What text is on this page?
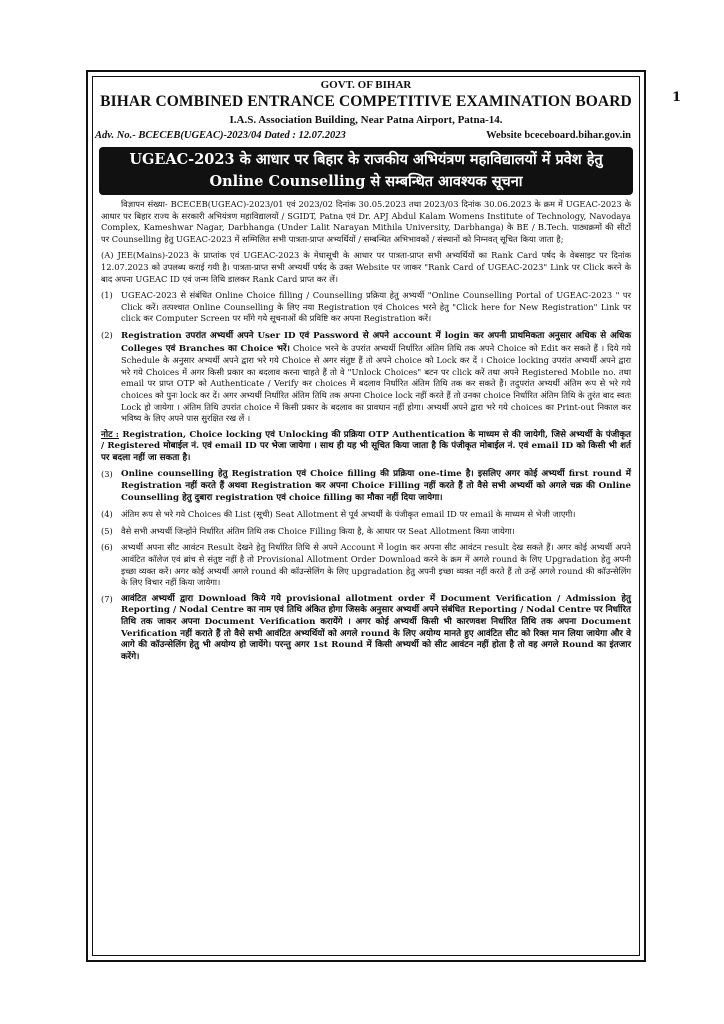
1
GOVT. OF BIHAR
BIHAR COMBINED ENTRANCE COMPETITIVE EXAMINATION BOARD
I.A.S. Association Building, Near Patna Airport, Patna-14.
Adv. No.- BCECEB(UGEAC)-2023/04 Dated : 12.07.2023	Website bceceboard.bihar.gov.in
UGEAC-2023 के आधार पर बिहार के राजकीय अभियंत्रण महाविद्यालयों में प्रवेश हेतु
Online Counselling से सम्बन्धित आवश्यक सूचना

विज्ञापन संख्या- BCECEB(UGEAC)-2023/01 एवं 2023/02 दिनांक 30.05.2023 तथा 2023/03 दिनांक 30.06.2023 के क्रम में UGEAC-2023 के आधार पर बिहार राज्य के सरकारी अभियंत्रण महाविद्यालयों / SGIDT, Patna एवं Dr. APJ Abdul Kalam Womens Institute of Technology, Navodaya Complex, Kameshwar Nagar, Darbhanga (Under Lalit Narayan Mithila University, Darbhanga) के BE / B.Tech. पाठ्यक्रमों की सीटों पर Counselling हेतु UGEAC-2023 में सम्मिलित सभी पात्रता-प्राप्त अभ्यर्थियों / सम्बन्धित अभिभावकों / संस्थानों को निम्नवत् सूचित किया जाता है;

(A) JEE(Mains)-2023 के प्राप्तांक एवं UGEAC-2023 के मेधासूची के आधार पर पात्रता-प्राप्त सभी अभ्यर्थियों का Rank Card पर्षद के वेबसाइट पर दिनांक 12.07.2023 को उपलब्ध कराई गयी है। पात्रता-प्राप्त सभी अभ्यर्थी पर्षद के उक्त Website पर जाकर "Rank Card of UGEAC-2023" Link पर Click करने के बाद अपना UGEAC ID एवं जन्म तिथि डालकर Rank Card प्राप्त कर लें।

(1) UGEAC-2023 से संबंधित Online Choice filling / Counselling प्रक्रिया हेतु अभ्यर्थी "Online Counselling Portal of UGEAC-2023 " पर Click करें। तत्पश्चात Online Counselling के लिए नया Registration एवं Choices भरने हेतु "Click here for New Registration" Link पर click कर Computer Screen पर माँगे गये सूचनाओं की प्रविष्टि कर अपना Registration करें।
(2) Registration उपरांत अभ्यर्थी अपने User ID एवं Password से अपने account में login कर अपनी प्राथमिकता अनुसार अधिक से अधिक Colleges एवं Branches का Choice भरें। Choice भरने के उपरांत अभ्यर्थी निर्धारित अंतिम तिथि तक अपने Choice को Edit कर सकते हैं । दिये गये Schedule के अनुसार अभ्यर्थी अपने द्वारा भरे गये Choice से अगर संतुष्ट हैं तो अपने choice को Lock कर दें । Choice locking उपरांत अभ्यर्थी अपने द्वारा भरे गये Choices में अगर किसी प्रकार का बदलाव करना चाहते हैं तो वे "Unlock Choices" बटन पर click करें तथा अपने Registered Mobile no. तथा email पर प्राप्त OTP को Authenticate / Verify कर choices में बदलाव निर्धारित अंतिम तिथि तक कर सकते हैं। तदुपरांत अभ्यर्थी अंतिम रूप से भरे गये choices को पुनः lock कर दें। अगर अभ्यर्थी निर्धारित अंतिम तिथि तक अपना Choice lock नहीं करते हैं तो उनका choice निर्धारित अंतिम तिथि के तुरंत बाद स्वतः Lock हो जायेगा । अंतिम तिथि उपरांत choice में किसी प्रकार के बदलाव का प्रावधान नहीं होगा। अभ्यर्थी अपने द्वारा भरे गये choices का Print-out निकाल कर भविष्य के लिए अपने पास सुरक्षित रख लें ।

नोट : Registration, Choice locking एवं Unlocking की प्रक्रिया OTP Authentication के माध्यम से की जायेगी, जिसे अभ्यर्थी के पंजीकृत / Registered मोबाईल नं. एवं email ID पर भेजा जायेगा । साथ ही यह भी सूचित किया जाता है कि पंजीकृत मोबाईल नं. एवं email ID को किसी भी शर्त पर बदला नहीं जा सकता है।

(3) Online counselling हेतु Registration एवं Choice filling की प्रक्रिया one-time है। इसलिए अगर कोई अभ्यर्थी first round में Registration नहीं करते हैं अथवा Registration कर अपना Choice Filling नहीं करते हैं तो वैसे सभी अभ्यर्थी को अगले चक्र की Online Counselling हेतु दुबारा registration एवं choice filling का मौका नहीं दिया जायेगा।
(4) अंतिम रूप से भरे गये Choices की List (सूची) Seat Allotment से पूर्व अभ्यर्थी के पंजीकृत email ID पर email के माध्यम से भेजी जाएगी।
(5) वैसे सभी अभ्यर्थी जिन्होंने निर्धारित अंतिम तिथि तक Choice Filling किया है, के आधार पर Seat Allotment किया जायेगा।
(6) अभ्यर्थी अपना सीट आवंटन Result देखने हेतु निर्धारित तिथि से अपने Account में login कर अपना सीट आवंटन result देख सकते हैं। अगर कोई अभ्यर्थी अपने आवंटित कॉलेज एवं ब्रांच से संतुष्ट नहीं है तो Provisional Allotment Order Download करने के क्रम में अगले round के लिए Upgradation हेतु अपनी इच्छा व्यक्त करें। अगर कोई अभ्यर्थी अगले round की कॉउन्सेलिंग के लिए upgradation हेतु अपनी इच्छा व्यक्त नहीं करते हैं तो उन्हें अगले round की कॉउन्सेलिंग के लिए विचार नहीं किया जायेगा।
(7) आवंटित अभ्यर्थी द्वारा Download किये गये provisional allotment order में Document Verification / Admission हेतु Reporting / Nodal Centre का नाम एवं तिथि अंकित होगा जिसके अनुसार अभ्यर्थी अपने संबंधित Reporting / Nodal Centre पर निर्धारित तिथि तक जाकर अपना Document Verification करायेंगे । अगर कोई अभ्यर्थी किसी भी कारणवश निर्धारित तिथि तक अपना Document Verification नहीं कराते हैं तो वैसे सभी आवंटित अभ्यर्थियों को अगले round के लिए अयोग्य मानते हुए आवंटित सीट को रिक्त मान लिया जायेगा और वे आगे की कॉउन्सेलिंग हेतु भी अयोग्य हो जायेंगे। परन्तु अगर 1st Round में किसी अभ्यर्थी को सीट आवंटन नहीं होता है तो वह अगले Round का इंतजार करेंगे।
